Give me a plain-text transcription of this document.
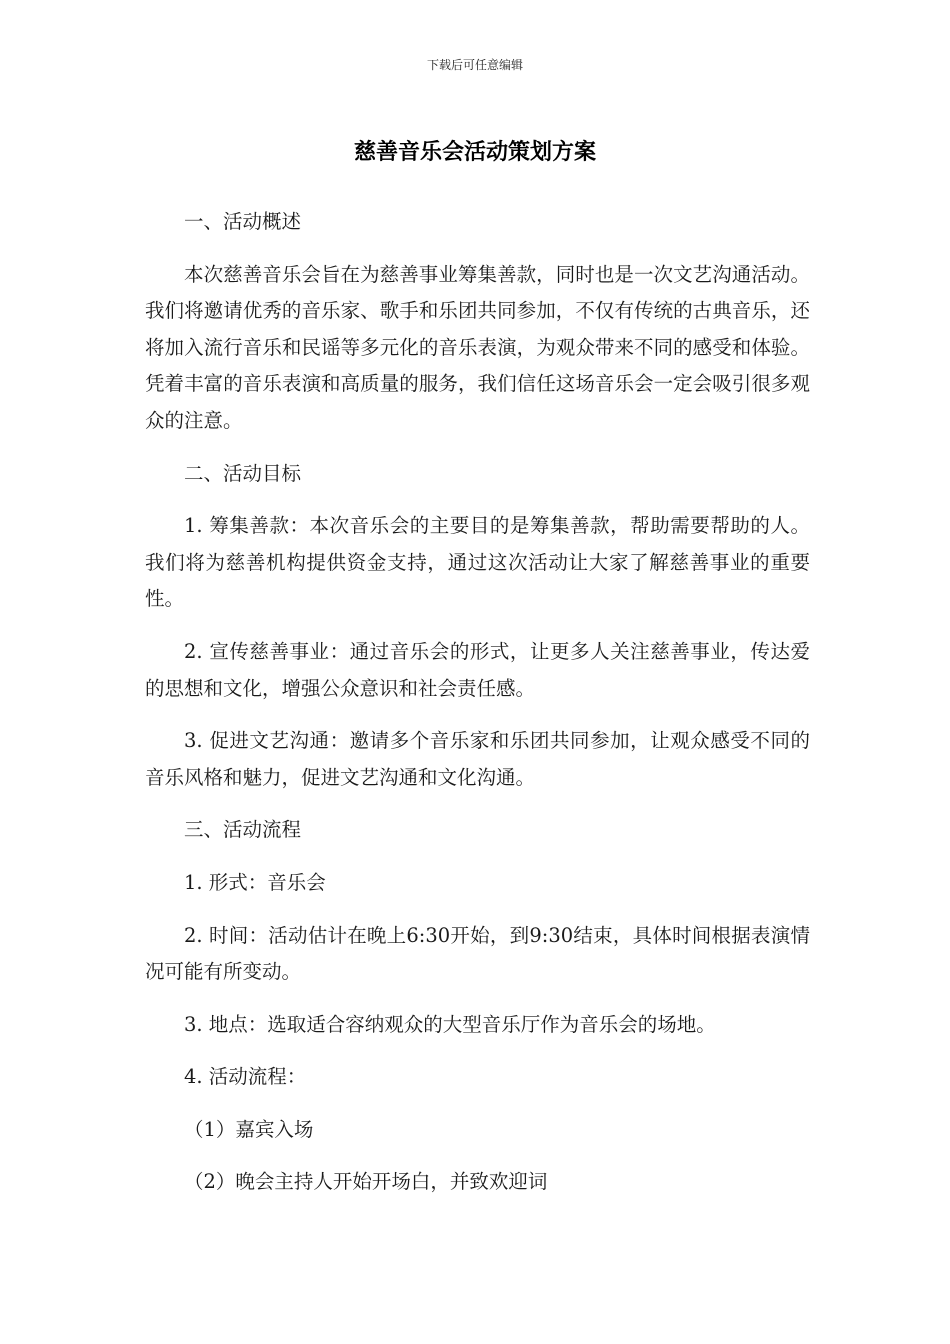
下载后可任意编辑
慈善音乐会活动策划方案

一、活动概述

本次慈善音乐会旨在为慈善事业筹集善款，同时也是一次文艺沟通活动。我们将邀请优秀的音乐家、歌手和乐团共同参加，不仅有传统的古典音乐，还将加入流行音乐和民谣等多元化的音乐表演，为观众带来不同的感受和体验。凭着丰富的音乐表演和高质量的服务，我们信任这场音乐会一定会吸引很多观众的注意。

二、活动目标

1. 筹集善款：本次音乐会的主要目的是筹集善款，帮助需要帮助的人。我们将为慈善机构提供资金支持，通过这次活动让大家了解慈善事业的重要性。

2. 宣传慈善事业：通过音乐会的形式，让更多人关注慈善事业，传达爱的思想和文化，增强公众意识和社会责任感。

3. 促进文艺沟通：邀请多个音乐家和乐团共同参加，让观众感受不同的音乐风格和魅力，促进文艺沟通和文化沟通。

三、活动流程

1. 形式：音乐会

2. 时间：活动估计在晚上6:30开始，到9:30结束，具体时间根据表演情况可能有所变动。

3. 地点：选取适合容纳观众的大型音乐厅作为音乐会的场地。

4. 活动流程：

（1）嘉宾入场

（2）晚会主持人开始开场白，并致欢迎词
